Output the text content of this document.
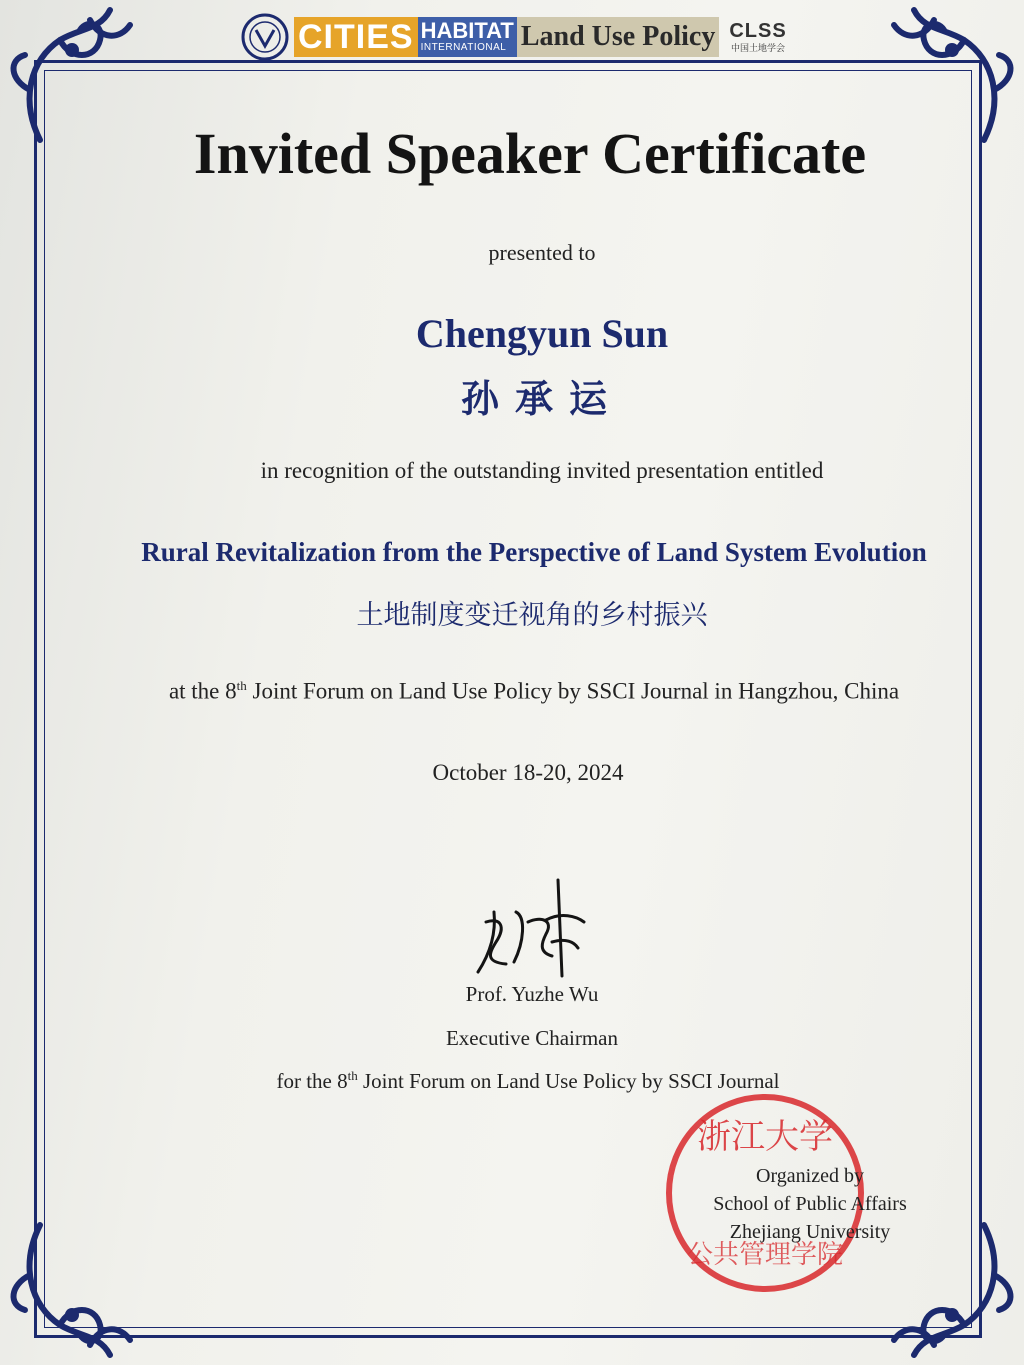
CITIES HABITAT
INTERNATIONAL Land Use Policy CLSS
中国土地学会
Invited Speaker Certificate
presented to
Chengyun Sun
孙承运
in recognition of the outstanding invited presentation entitled
Rural Revitalization from the Perspective of Land System Evolution
土地制度变迁视角的乡村振兴
at the 8th Joint Forum on Land Use Policy by SSCI Journal in Hangzhou, China
October 18-20, 2024
Prof. Yuzhe Wu
Executive Chairman
for the 8th Joint Forum on Land Use Policy by SSCI Journal
浙江大学
公共管理学院
Organized by
School of Public Affairs
Zhejiang University
